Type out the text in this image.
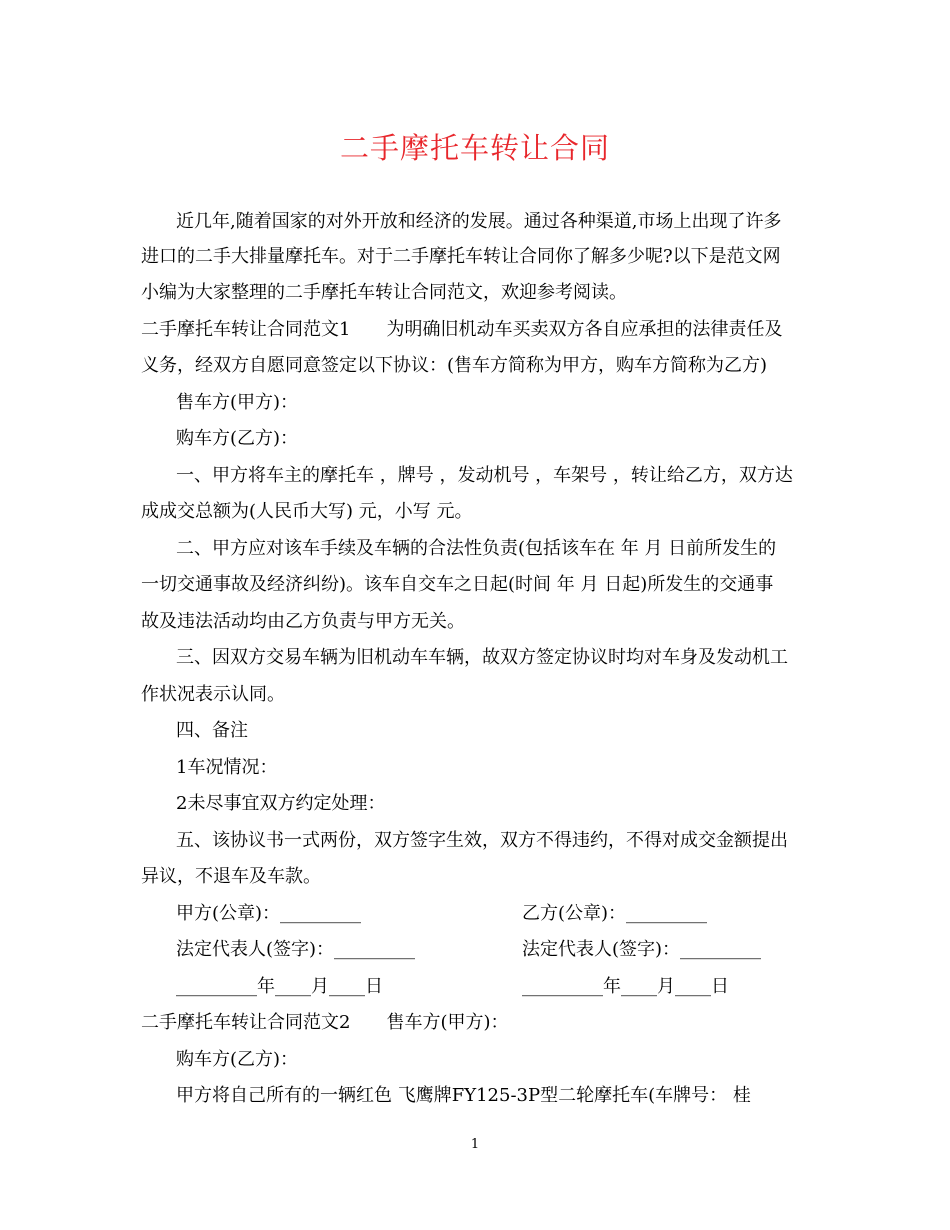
二手摩托车转让合同
近几年,随着国家的对外开放和经济的发展。通过各种渠道,市场上出现了许多
进口的二手大排量摩托车。对于二手摩托车转让合同你了解多少呢?以下是范文网
小编为大家整理的二手摩托车转让合同范文，欢迎参考阅读。
二手摩托车转让合同范文1　　为明确旧机动车买卖双方各自应承担的法律责任及
义务，经双方自愿同意签定以下协议：(售车方简称为甲方，购车方简称为乙方)
售车方(甲方)：
购车方(乙方)：
一、甲方将车主的摩托车 ，牌号 ，发动机号 ，车架号 ，转让给乙方，双方达
成成交总额为(人民币大写) 元，小写 元。
二、甲方应对该车手续及车辆的合法性负责(包括该车在 年 月 日前所发生的
一切交通事故及经济纠纷)。该车自交车之日起(时间 年 月 日起)所发生的交通事
故及违法活动均由乙方负责与甲方无关。
三、因双方交易车辆为旧机动车车辆，故双方签定协议时均对车身及发动机工
作状况表示认同。
四、备注
1车况情况：
2未尽事宜双方约定处理：
五、该协议书一式两份，双方签字生效，双方不得违约，不得对成交金额提出
异议，不退车及车款。
甲方(公章)：_________	乙方(公章)：_________
法定代表人(签字)：_________	法定代表人(签字)：_________
_________年____月____日	_________年____月____日
二手摩托车转让合同范文2　　售车方(甲方)：
购车方(乙方)：
甲方将自己所有的一辆红色 飞鹰牌FY125-3P型二轮摩托车(车牌号： 桂
1
